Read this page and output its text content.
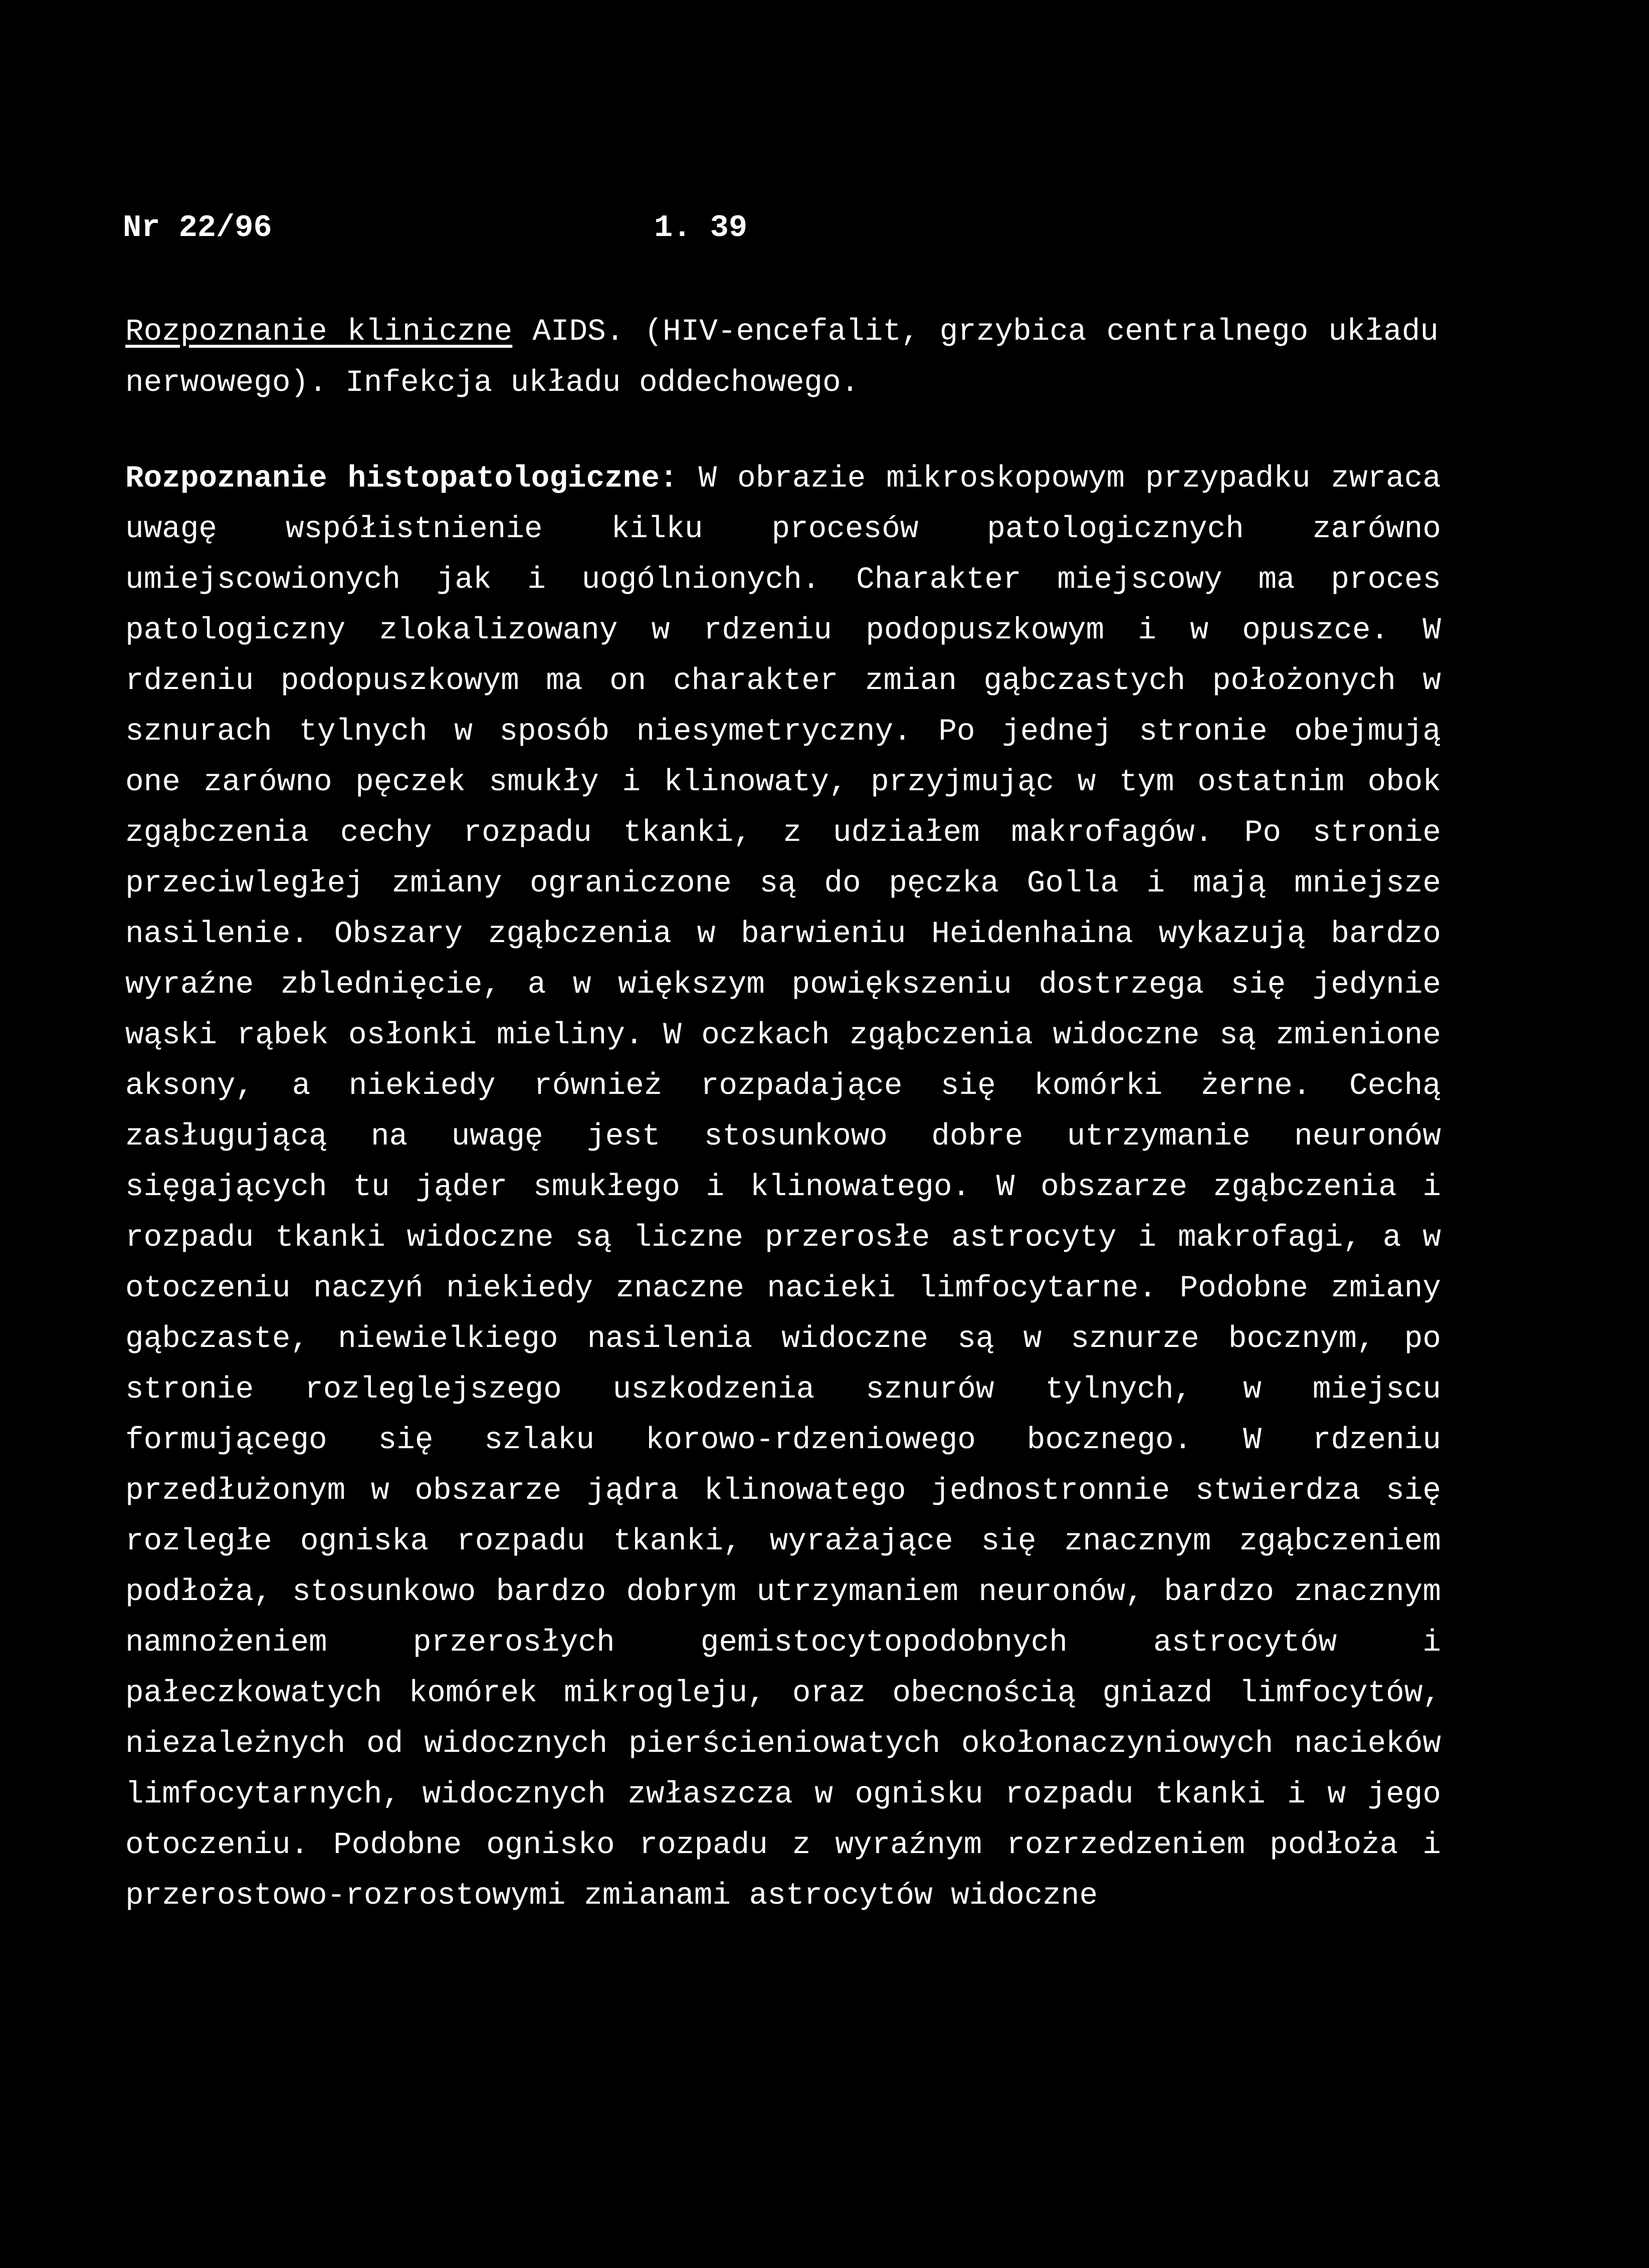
Nr 22/96

	1. 39

Rozpoznanie kliniczne AIDS. (HIV-encefalit, grzybica centralnego układu nerwowego). Infekcja układu oddechowego.

Rozpoznanie histopatologiczne: W obrazie mikroskopowym przypadku zwraca uwagę współistnienie kilku procesów patologicznych zarówno umiejscowionych jak i uogólnionych. Charakter miejscowy ma proces patologiczny zlokalizowany w rdzeniu podopuszkowym i w opuszce. W rdzeniu podopuszkowym ma on charakter zmian gąbczastych położonych w sznurach tylnych w sposób niesymetryczny. Po jednej stronie obejmują one zarówno pęczek smukły i klinowaty, przyjmując w tym ostatnim obok zgąbczenia cechy rozpadu tkanki, z udziałem makrofagów. Po stronie przeciwległej zmiany ograniczone są do pęczka Golla i mają mniejsze nasilenie. Obszary zgąbczenia w barwieniu Heidenhaina wykazują bardzo wyraźne zblednięcie, a w większym powiększeniu dostrzega się jedynie wąski rąbek osłonki mieliny. W oczkach zgąbczenia widoczne są zmienione aksony, a niekiedy również rozpadające się komórki żerne. Cechą zasługującą na uwagę jest stosunkowo dobre utrzymanie neuronów sięgających tu jąder smukłego i klinowatego. W obszarze zgąbczenia i rozpadu tkanki widoczne są liczne przerosłe astrocyty i makrofagi, a w otoczeniu naczyń niekiedy znaczne nacieki limfocytarne. Podobne zmiany gąbczaste, niewielkiego nasilenia widoczne są w sznurze bocznym, po stronie rozleglejszego uszkodzenia sznurów tylnych, w miejscu formującego się szlaku korowo-rdzeniowego bocznego. W rdzeniu przedłużonym w obszarze jądra klinowatego jednostronnie stwierdza się rozległe ogniska rozpadu tkanki, wyrażające się znacznym zgąbczeniem podłoża, stosunkowo bardzo dobrym utrzymaniem neuronów, bardzo znacznym namnożeniem przerosłych gemistocytopodobnych astrocytów i pałeczkowatych komórek mikrogleju, oraz obecnością gniazd limfocytów, niezależnych od widocznych pierścieniowatych okołonaczyniowych nacieków limfocytarnych, widocznych zwłaszcza w ognisku rozpadu tkanki i w jego otoczeniu. Podobne ognisko rozpadu z wyraźnym rozrzedzeniem podłoża i przerostowo-rozrostowymi zmianami astrocytów widoczne
